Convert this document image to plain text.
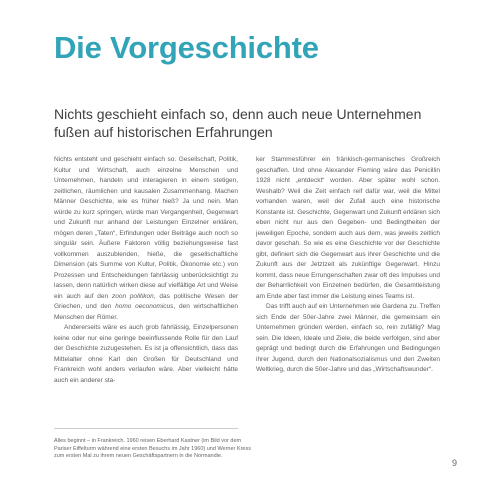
Die Vorgeschichte
Nichts geschieht einfach so, denn auch neue Unternehmen fußen auf historischen Erfahrungen

Nichts entsteht und geschieht einfach so. Gesellschaft, Politik, Kultur und Wirtschaft, auch einzelne Menschen und Unternehmen, handeln und interagieren in einem stetigen, zeitlichen, räumlichen und kausalen Zusammenhang. Machen Männer Geschichte, wie es früher hieß? Ja und nein. Man würde zu kurz springen, würde man Vergangenheit, Gegenwart und Zukunft nur anhand der Leistungen Einzelner erklären, mögen deren „Taten“, Erfindungen oder Beiträge auch noch so singulär sein. Äußere Faktoren völlig beziehungsweise fast vollkommen auszublenden, hieße, die gesellschaftliche Dimension (als Summe von Kultur, Politik, Ökonomie etc.) von Prozessen und Entscheidungen fahrlässig unberücksichtigt zu lassen, denn natürlich wirken diese auf vielfältige Art und Weise ein auch auf den zoon politikon, das politische Wesen der Griechen, und den homo oeconomicus, den wirtschaftlichen Menschen der Römer.

Andererseits wäre es auch grob fahrlässig, Einzelpersonen keine oder nur eine geringe beeinflussende Rolle für den Lauf der Geschichte zuzugestehen. Es ist ja offensichtlich, dass das Mittelalter ohne Karl den Großen für Deutschland und Frankreich wohl anders verlaufen wäre. Aber vielleicht hätte auch ein anderer sta-

ker Stammesführer ein fränkisch-germanisches Großreich geschaffen. Und ohne Alexander Fleming wäre das Penicillin 1928 nicht „entdeckt“ worden. Aber später wohl schon. Weshalb? Weil die Zeit einfach reif dafür war, weil die Mittel vorhanden waren, weil der Zufall auch eine historische Konstante ist. Geschichte, Gegenwart und Zukunft erklären sich eben nicht nur aus den Gegeben- und Bedingtheiten der jeweiligen Epoche, sondern auch aus dem, was jeweils zeitlich davor geschah. So wie es eine Geschichte vor der Geschichte gibt, definiert sich die Gegenwart aus ihrer Geschichte und die Zukunft aus der Jetztzeit als zukünftige Gegenwart. Hinzu kommt, dass neue Errungenschaften zwar oft des Impulses und der Beharrlichkeit von Einzelnen bedürfen, die Gesamtleistung am Ende aber fast immer die Leistung eines Teams ist.

Das trifft auch auf ein Unternehmen wie Gardena zu. Treffen sich Ende der 50er-Jahre zwei Männer, die gemeinsam ein Unternehmen gründen werden, einfach so, rein zufällig? Mag sein. Die Ideen, Ideale und Ziele, die beide verfolgen, sind aber geprägt und bedingt durch die Erfahrungen und Bedingungen ihrer Jugend, durch den Nationalsozialismus und den Zweiten Weltkrieg, durch die 50er-Jahre und das „Wirtschaftswunder“.

Alles beginnt – in Frankreich. 1960 reisen Eberhard Kastner (im Bild vor dem Pariser Eiffelturm während eine ersten Besuchs im Jahr 1960) und Werner Kress zum ersten Mal zu ihrem neuen Geschäftspartnern in die Normandie.
9
